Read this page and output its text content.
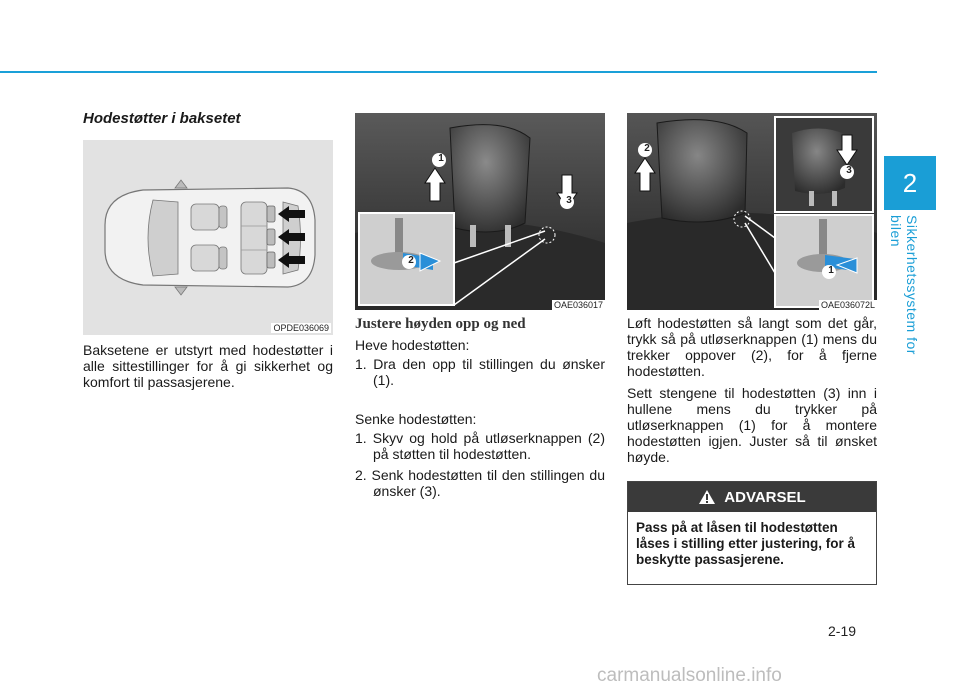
2
Sikkerhetssystem for bilen
Hodestøtter i baksetet
OPDE036069
Baksetene er utstyrt med hodestøtter i alle sittestillinger for å gi sikkerhet og komfort til passasjerene.
1
3
2
OAE036017
Justere høyden opp og ned
Heve hodestøtten:
1. Dra den opp til stillingen du ønsker (1).
Senke hodestøtten:
1. Skyv og hold på utløserknappen (2) på støtten til hodestøtten.
2. Senk hodestøtten til den stillingen du ønsker (3).
2
3
1
OAE036072L
Løft hodestøtten så langt som det går, trykk så på utløserknappen (1) mens du trekker oppover (2), for å fjerne hodestøtten.
Sett stengene til hodestøtten (3) inn i hullene mens du trykker på utløserknappen (1) for å montere hodestøtten igjen. Juster så til ønsket høyde.
ADVARSEL
Pass på at låsen til hodestøtten låses i stilling etter justering, for å beskytte passasjerene.
2-19
carmanualsonline.info
